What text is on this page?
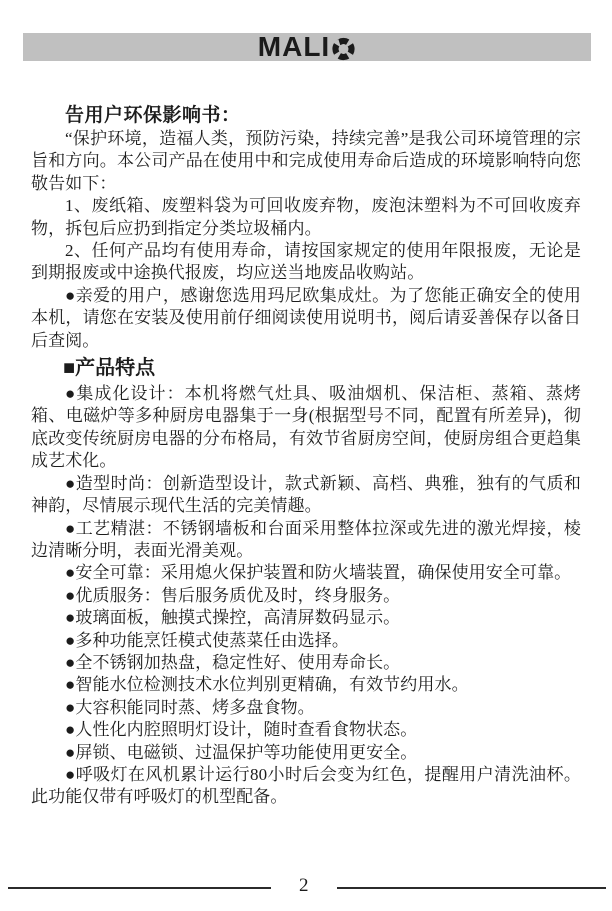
MALI
告用户环保影响书：

“保护环境，造福人类，预防污染，持续完善”是我公司环境管理的宗旨和方向。本公司产品在使用中和完成使用寿命后造成的环境影响特向您敬告如下：

1、废纸箱、废塑料袋为可回收废弃物，废泡沫塑料为不可回收废弃物，拆包后应扔到指定分类垃圾桶内。

2、任何产品均有使用寿命，请按国家规定的使用年限报废，无论是到期报废或中途换代报废，均应送当地废品收购站。

●亲爱的用户，感谢您选用玛尼欧集成灶。为了您能正确安全的使用本机，请您在安装及使用前仔细阅读使用说明书，阅后请妥善保存以备日后查阅。

■产品特点

●集成化设计：本机将燃气灶具、吸油烟机、保洁柜、蒸箱、蒸烤箱、电磁炉等多种厨房电器集于一身(根据型号不同，配置有所差异)，彻底改变传统厨房电器的分布格局，有效节省厨房空间，使厨房组合更趋集成艺术化。

●造型时尚：创新造型设计，款式新颖、高档、典雅，独有的气质和神韵，尽情展示现代生活的完美情趣。

●工艺精湛：不锈钢墙板和台面采用整体拉深或先进的激光焊接，棱边清晰分明，表面光滑美观。

●安全可靠：采用熄火保护装置和防火墙装置，确保使用安全可靠。

●优质服务：售后服务质优及时，终身服务。

●玻璃面板，触摸式操控，高清屏数码显示。

●多种功能烹饪模式使蒸菜任由选择。

●全不锈钢加热盘，稳定性好、使用寿命长。

●智能水位检测技术水位判别更精确，有效节约用水。

●大容积能同时蒸、烤多盘食物。

●人性化内腔照明灯设计，随时查看食物状态。

●屏锁、电磁锁、过温保护等功能使用更安全。

●呼吸灯在风机累计运行80小时后会变为红色，提醒用户清洗油杯。此功能仅带有呼吸灯的机型配备。

2
